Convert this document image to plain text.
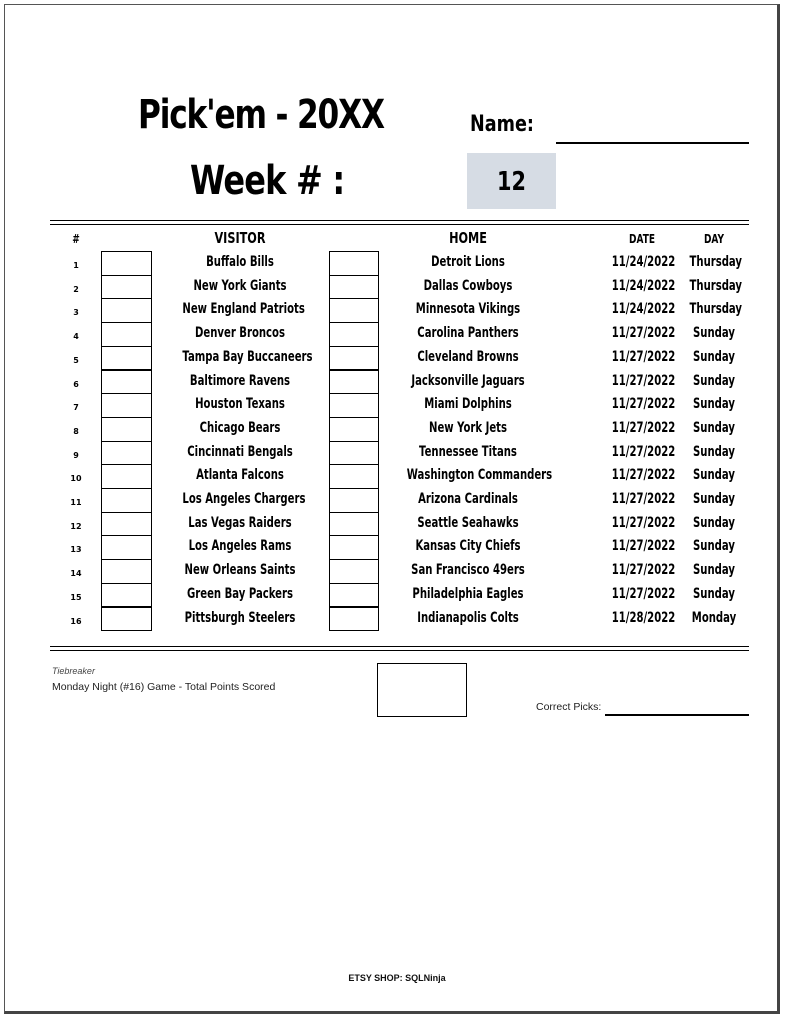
Pick'em - 20XX	Name:
Week # :	12
#	VISITOR	HOME	DATE	DAY
1	Buffalo Bills	Detroit Lions	11/24/2022 Thursday
2	New York Giants	Dallas Cowboys	11/24/2022 Thursday
3	New England Patriots	Minnesota Vikings	11/24/2022 Thursday
4	Denver Broncos	Carolina Panthers	11/27/2022 Sunday
5	Tampa Bay Buccaneers	Cleveland Browns	11/27/2022 Sunday
6	Baltimore Ravens	Jacksonville Jaguars	11/27/2022 Sunday
7	Houston Texans	Miami Dolphins	11/27/2022 Sunday
8	Chicago Bears	New York Jets	11/27/2022 Sunday
9	Cincinnati Bengals	Tennessee Titans	11/27/2022 Sunday
10	Atlanta Falcons	Washington Commanders	11/27/2022 Sunday
11	Los Angeles Chargers	Arizona Cardinals	11/27/2022 Sunday
12	Las Vegas Raiders	Seattle Seahawks	11/27/2022 Sunday
13	Los Angeles Rams	Kansas City Chiefs	11/27/2022 Sunday
14	New Orleans Saints	San Francisco 49ers	11/27/2022 Sunday
15	Green Bay Packers	Philadelphia Eagles	11/27/2022 Sunday
16	Pittsburgh Steelers	Indianapolis Colts	11/28/2022 Monday
Tiebreaker
Monday Night (#16) Game - Total Points Scored
Correct Picks:
ETSY SHOP: SQLNinja
